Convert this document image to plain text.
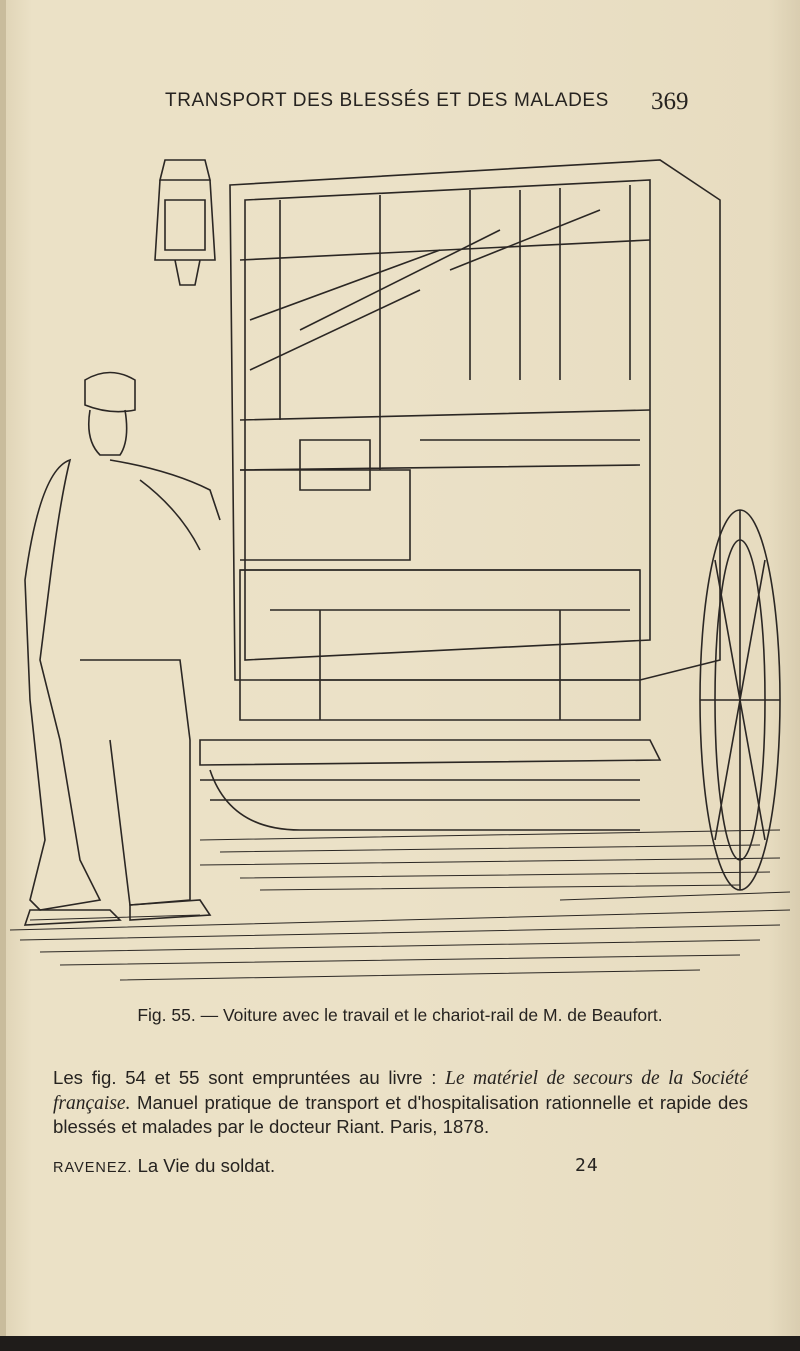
TRANSPORT DES BLESSÉS ET DES MALADES 369
Fig. 55. — Voiture avec le travail et le chariot-rail de M. de Beaufort.
Les fig. 54 et 55 sont empruntées au livre : Le matériel de secours de la Société française. Manuel pratique de transport et d'hospitalisation rationnelle et rapide des blessés et malades par le docteur Riant. Paris, 1878.
RAVENEZ. La Vie du soldat.	24
